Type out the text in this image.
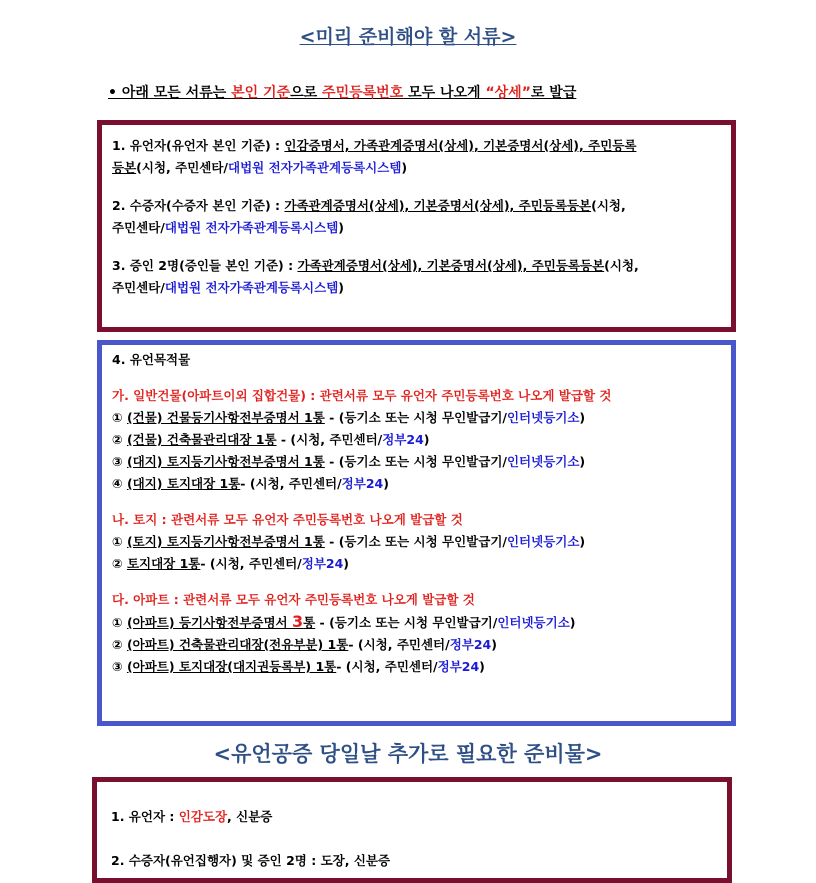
<미리 준비해야 할 서류>
• 아래 모든 서류는 본인 기준으로 주민등록번호 모두 나오게 “상세”로 발급

1. 유언자(유언자 본인 기준) : 인감증명서, 가족관계증명서(상세), 기본증명서(상세), 주민등록
등본(시청, 주민센타/대법원 전자가족관계등록시스템)

2. 수증자(수증자 본인 기준) : 가족관계증명서(상세), 기본증명서(상세), 주민등록등본(시청,
주민센타/대법원 전자가족관계등록시스템)

3. 증인 2명(증인들 본인 기준) : 가족관계증명서(상세), 기본증명서(상세), 주민등록등본(시청,
주민센타/대법원 전자가족관계등록시스템)

4. 유언목적물

가. 일반건물(아파트이외 집합건물) : 관련서류 모두 유언자 주민등록번호 나오게 발급할 것

① (건물) 건물등기사항전부증명서 1통 - (등기소 또는 시청 무인발급기/인터넷등기소)

② (건물) 건축물관리대장 1통 - (시청, 주민센터/정부24)

③ (대지) 토지등기사항전부증명서 1통 - (등기소 또는 시청 무인발급기/인터넷등기소)

④ (대지) 토지대장 1통- (시청, 주민센터/정부24)

나. 토지 : 관련서류 모두 유언자 주민등록번호 나오게 발급할 것

① (토지) 토지등기사항전부증명서 1통 - (등기소 또는 시청 무인발급기/인터넷등기소)

② 토지대장 1통- (시청, 주민센터/정부24)

다. 아파트 : 관련서류 모두 유언자 주민등록번호 나오게 발급할 것

① (아파트) 등기사항전부증명서 3통 - (등기소 또는 시청 무인발급기/인터넷등기소)

② (아파트) 건축물관리대장(전유부분) 1통- (시청, 주민센터/정부24)

③ (아파트) 토지대장(대지권등록부) 1통- (시청, 주민센터/정부24)

<유언공증 당일날 추가로 필요한 준비물>

1. 유언자 : 인감도장, 신분증

2. 수증자(유언집행자) 및 증인 2명 : 도장, 신분증
